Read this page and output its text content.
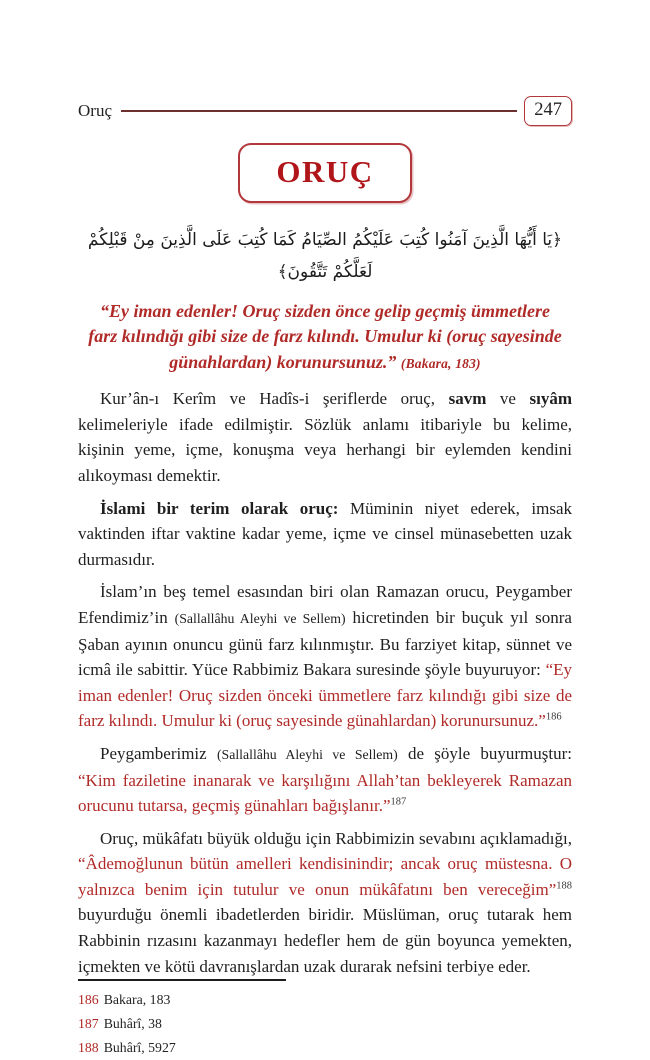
Oruç	247
ORUÇ
﴿يَا أَيُّهَا الَّذِينَ آمَنُوا كُتِبَ عَلَيْكُمُ الصِّيَامُ كَمَا كُتِبَ عَلَى الَّذِينَ مِنْ قَبْلِكُمْ لَعَلَّكُمْ تَتَّقُونَ﴾
“Ey iman edenler! Oruç sizden önce gelip geçmiş ümmetlere farz kılındığı gibi size de farz kılındı. Umulur ki (oruç sayesinde günahlardan) korunursunuz.” (Bakara, 183)

Kur’ân-ı Kerîm ve Hadîs-i şeriflerde oruç, savm ve sıyâm kelimeleriyle ifade edilmiştir. Sözlük anlamı itibariyle bu kelime, kişinin yeme, içme, konuşma veya herhangi bir eylemden kendini alıkoyması demektir.

İslami bir terim olarak oruç: Müminin niyet ederek, imsak vaktinden iftar vaktine kadar yeme, içme ve cinsel münasebetten uzak durmasıdır.

İslam’ın beş temel esasından biri olan Ramazan orucu, Peygamber Efendimiz’in (Sallallâhu Aleyhi ve Sellem) hicretinden bir buçuk yıl sonra Şaban ayının onuncu günü farz kılınmıştır. Bu farziyet kitap, sünnet ve icmâ ile sabittir. Yüce Rabbimiz Bakara suresinde şöyle buyuruyor: “Ey iman edenler! Oruç sizden önceki ümmetlere farz kılındığı gibi size de farz kılındı. Umulur ki (oruç sayesinde günahlardan) korunursunuz.”$^{186}$

Peygamberimiz (Sallallâhu Aleyhi ve Sellem) de şöyle buyurmuştur: “Kim faziletine inanarak ve karşılığını Allah’tan bekleyerek Ramazan orucunu tutarsa, geçmiş günahları bağışlanır.”$^{187}$

Oruç, mükâfatı büyük olduğu için Rabbimizin sevabını açıklamadığı, “Âdemoğlunun bütün amelleri kendisinindir; ancak oruç müstesna. O yalnızca benim için tutulur ve onun mükâfatını ben vereceğim”$^{188}$ buyurduğu önemli ibadetlerden biridir. Müslüman, oruç tutarak hem Rabbinin rızasını kazanmayı hedefler hem de gün boyunca yemekten, içmekten ve kötü davranışlardan uzak durarak nefsini terbiye eder.

186 Bakara, 183
187 Buhârî, 38
188 Buhârî, 5927
